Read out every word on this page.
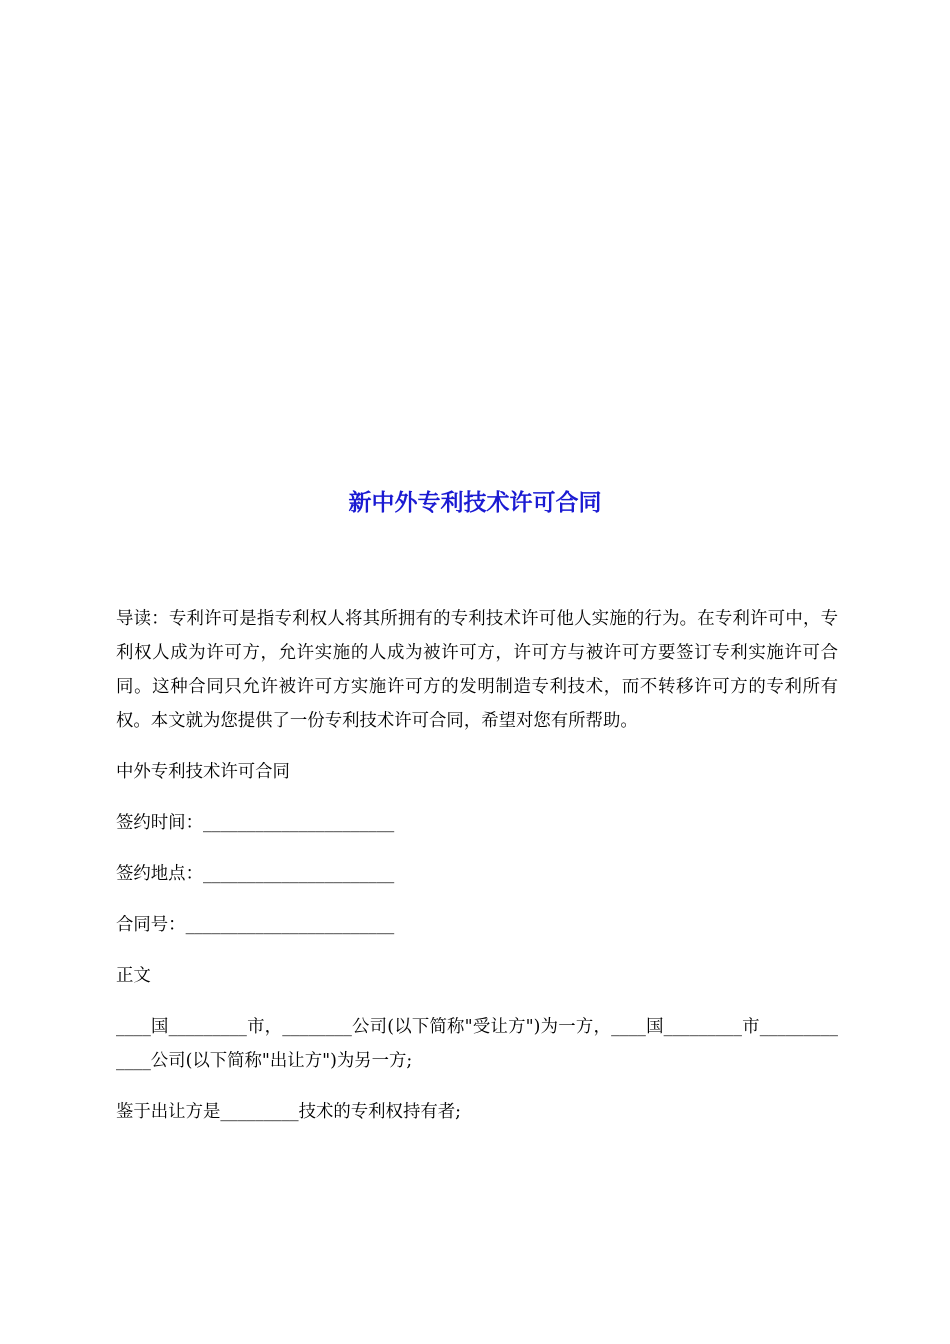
新中外专利技术许可合同

导读：专利许可是指专利权人将其所拥有的专利技术许可他人实施的行为。在专利许可中，专利权人成为许可方，允许实施的人成为被许可方，许可方与被许可方要签订专利实施许可合同。这种合同只允许被许可方实施许可方的发明制造专利技术，而不转移许可方的专利所有权。本文就为您提供了一份专利技术许可合同，希望对您有所帮助。

中外专利技术许可合同

签约时间：______________________

签约地点：______________________

合同号：________________________

正文

____国_________市，________公司(以下简称"受让方")为一方，____国_________市_____________公司(以下简称"出让方")为另一方;

鉴于出让方是_________技术的专利权持有者;
